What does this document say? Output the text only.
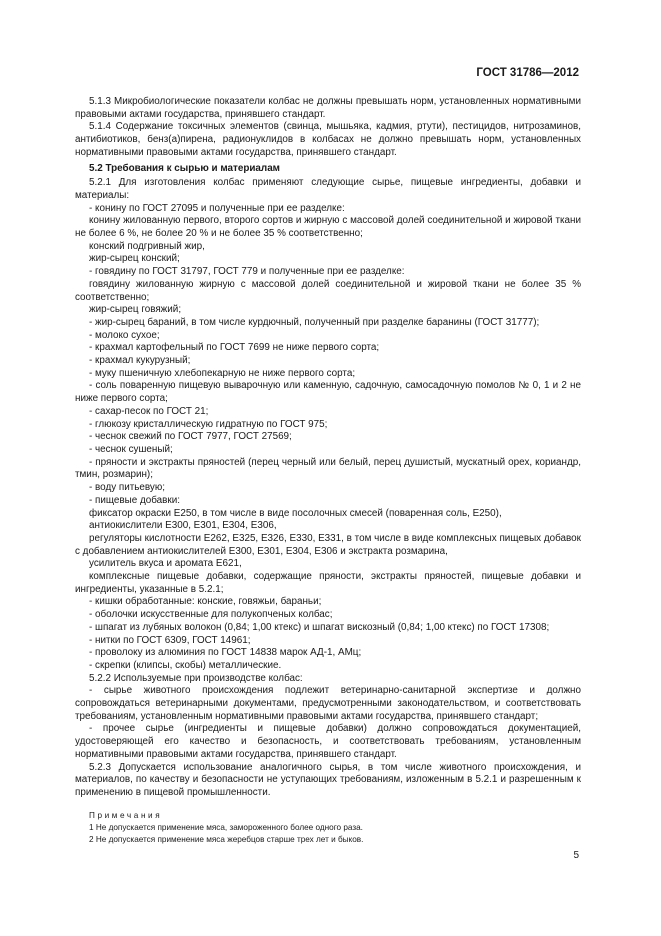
ГОСТ 31786—2012

5.1.3 Микробиологические показатели колбас не должны превышать норм, установленных нормативными правовыми актами государства, принявшего стандарт.

5.1.4 Содержание токсичных элементов (свинца, мышьяка, кадмия, ртути), пестицидов, нитрозаминов, антибиотиков, бенз(а)пирена, радионуклидов в колбасах не должно превышать норм, установленных нормативными правовыми актами государства, принявшего стандарт.

5.2 Требования к сырью и материалам

5.2.1 Для изготовления колбас применяют следующие сырье, пищевые ингредиенты, добавки и материалы:

- конину по ГОСТ 27095 и полученные при ее разделке:

конину жилованную первого, второго сортов и жирную с массовой долей соединительной и жировой ткани не более 6 %, не более 20 % и не более 35 % соответственно;

конский подгривный жир,

жир-сырец конский;

- говядину по ГОСТ 31797, ГОСТ 779 и полученные при ее разделке:

говядину жилованную жирную с массовой долей соединительной и жировой ткани не более 35 % соответственно;

жир-сырец говяжий;

- жир-сырец бараний, в том числе курдючный, полученный при разделке баранины (ГОСТ 31777);

- молоко сухое;

- крахмал картофельный по ГОСТ 7699 не ниже первого сорта;

- крахмал кукурузный;

- муку пшеничную хлебопекарную не ниже первого сорта;

- соль поваренную пищевую выварочную или каменную, садочную, самосадочную помолов № 0, 1 и 2 не ниже первого сорта;

- сахар-песок по ГОСТ 21;

- глюкозу кристаллическую гидратную по ГОСТ 975;

- чеснок свежий по ГОСТ 7977, ГОСТ 27569;

- чеснок сушеный;

- пряности и экстракты пряностей (перец черный или белый, перец душистый, мускатный орех, кориандр, тмин, розмарин);

- воду питьевую;

- пищевые добавки:

фиксатор окраски Е250, в том числе в виде посолочных смесей (поваренная соль, Е250),

антиокислители Е300, Е301, Е304, Е306,

регуляторы кислотности Е262, Е325, Е326, Е330, Е331, в том числе в виде комплексных пищевых добавок с добавлением антиокислителей Е300, Е301, Е304, Е306 и экстракта розмарина,

усилитель вкуса и аромата Е621,

комплексные пищевые добавки, содержащие пряности, экстракты пряностей, пищевые добавки и ингредиенты, указанные в 5.2.1;

- кишки обработанные: конские, говяжьи, бараньи;

- оболочки искусственные для полукопченых колбас;

- шпагат из лубяных волокон (0,84; 1,00 ктекс) и шпагат вискозный (0,84; 1,00 ктекс) по ГОСТ 17308;

- нитки по ГОСТ 6309, ГОСТ 14961;

- проволоку из алюминия по ГОСТ 14838 марок АД-1, АМц;

- скрепки (клипсы, скобы) металлические.

5.2.2 Используемые при производстве колбас:

- сырье животного происхождения подлежит ветеринарно-санитарной экспертизе и должно сопровождаться ветеринарными документами, предусмотренными законодательством, и соответствовать требованиям, установленным нормативными правовыми актами государства, принявшего стандарт;

- прочее сырье (ингредиенты и пищевые добавки) должно сопровождаться документацией, удостоверяющей его качество и безопасность, и соответствовать требованиям, установленным нормативными правовыми актами государства, принявшего стандарт.

5.2.3 Допускается использование аналогичного сырья, в том числе животного происхождения, и материалов, по качеству и безопасности не уступающих требованиям, изложенным в 5.2.1 и разрешенным к применению в пищевой промышленности.

Примечания
1 Не допускается применение мяса, замороженного более одного раза.
2 Не допускается применение мяса жеребцов старше трех лет и быков.
5
